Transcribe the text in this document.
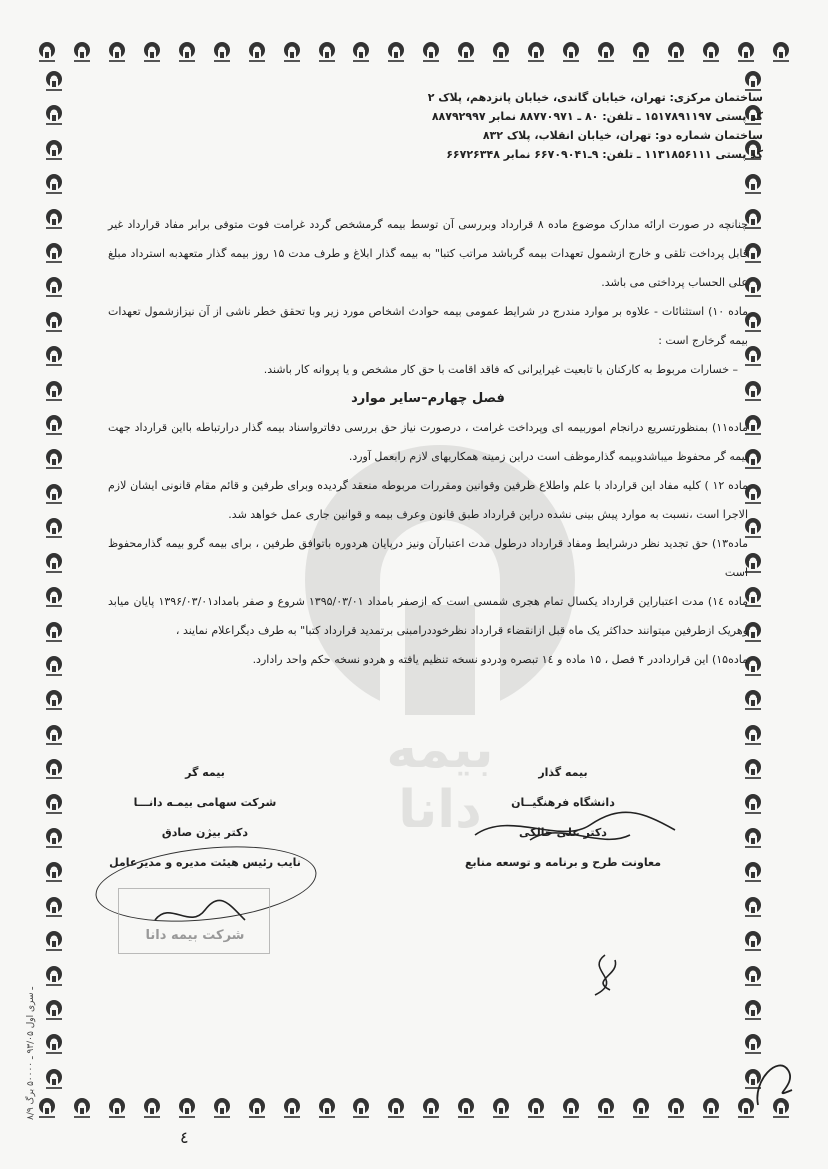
بیمه دانا
ساختمان مرکزی: تهران، خیابان گاندی، خیابان پانزدهم، پلاک ۲
کد پستی ۱۵۱۷۸۹۱۱۹۷ ـ تلفن: ۸۰ ـ ۸۸۷۷۰۹۷۱ نمابر ۸۸۷۹۲۹۹۷
ساختمان شماره دو: تهران، خیابان انقلاب، پلاک ۸۳۲
کد پستی ۱۱۳۱۸۵۶۱۱۱ ـ تلفن: ۹ـ۶۶۷۰۹۰۴۱ نمابر ۶۶۷۲۶۳۴۸

چنانچه در صورت ارائه مدارک موضوع ماده ۸ قرارداد وبررسی آن توسط بیمه گرمشخص گردد غرامت فوت متوفی برابر مفاد قرارداد غیر قابل پرداخت تلقی و خارج ازشمول تعهدات بیمه گرباشد مراتب کتبا" به بیمه گذار ابلاغ و طرف مدت ۱۵ روز بیمه گذار متعهدبه استرداد مبلغ علی الحساب پرداختی می باشد.

ماده ۱۰) استثنائات - علاوه بر موارد مندرج در شرایط عمومی بیمه حوادث اشخاص مورد زیر وبا تحقق خطر ناشی از آن نیزازشمول تعهدات بیمه گرخارج است :

– خسارات مربوط به کارکنان با تابعیت غیرایرانی که فاقد اقامت با حق کار مشخص و یا پروانه کار باشند.

فصل چهارم–سایر موارد

ماده۱۱) بمنظورتسریع درانجام اموربیمه ای وپرداخت غرامت ، درصورت نیاز حق بررسی دفاترواسناد بیمه گذار درارتباطه بااین قرارداد جهت بیمه گر محفوظ میباشدوبیمه گذارموظف است دراین زمینه همکاریهای لازم رابعمل آورد.

ماده ۱۲ ) کلیه مفاد این قرارداد با علم واطلاع طرفین وقوانین ومقررات مربوطه منعقد گردیده وبرای طرفین و قائم مقام قانونی ایشان لازم الاجرا است ،نسبت به موارد پیش بینی نشده دراین قرارداد طبق قانون وعرف بیمه و قوانین جاری عمل خواهد شد.

ماده۱۳) حق تجدید نظر درشرایط ومفاد قرارداد درطول مدت اعتبارآن ونیز درپایان هردوره باتوافق طرفین ، برای بیمه گرو بیمه گذارمحفوظ است

ماده ۱٤) مدت اعتباراین قرارداد یکسال تمام هجری شمسی است که ازصفر بامداد ۱۳۹۵/۰۳/۰۱ شروع و صفر بامداد۱۳۹۶/۰۳/۰۱ پایان میابد وهریک ازطرفین میتوانند حداکثر یک ماه قبل ازانقضاء قرارداد نظرخوددرامبنی برتمدید قرارداد کتبا" به طرف دیگراعلام نمایند ،

ماده۱۵) این قرارداددر ۴ فصل ، ۱۵ ماده و ۱٤ تبصره ودردو نسخه تنظیم یافته و هردو نسخه حکم واحد رادارد.

بیمه گذار
دانشگاه فرهنگیــان
دکتر علی خالکی
معاونت طرح و برنامه و توسعه منابع
بیمه گر
شرکت سهامی بیمـه دانـــا
دکتر بیژن صادق
نایب رئیس هیئت مدیره و مدیرعامل
شرکت بیمه دانا
۸/۹ ـ سری اول ۹۳/۰۵ ـ ۵۰۰۰۰ برگ
٤
